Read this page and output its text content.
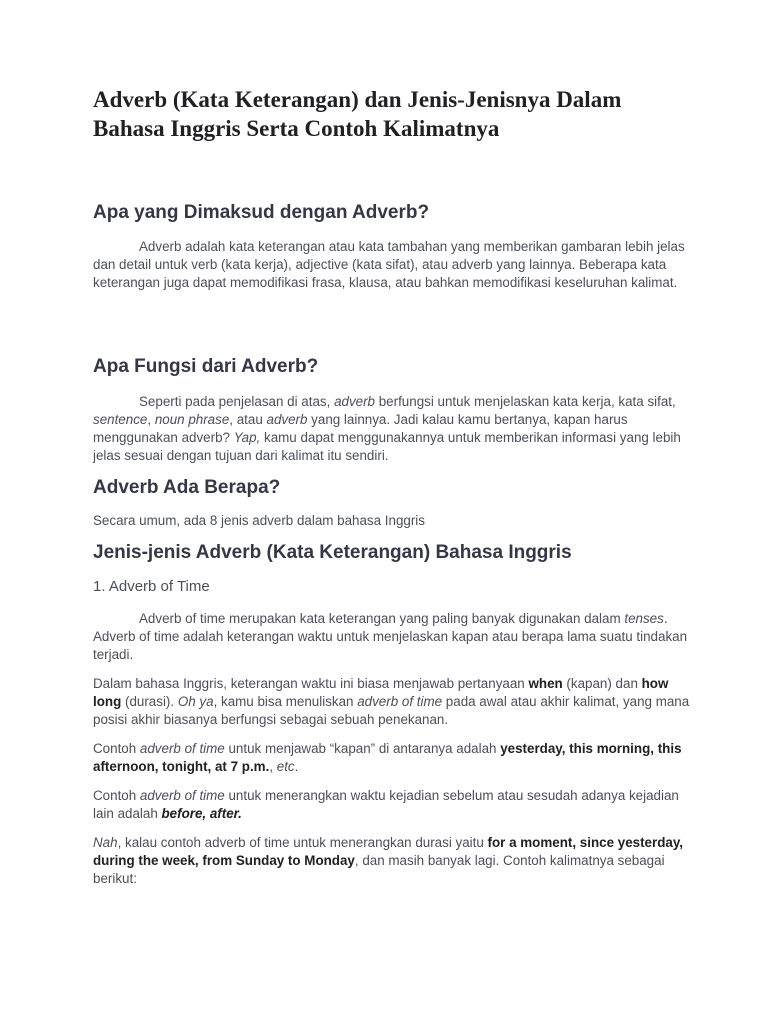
Adverb (Kata Keterangan) dan Jenis-Jenisnya Dalam Bahasa Inggris Serta Contoh Kalimatnya
Apa yang Dimaksud dengan Adverb?

Adverb adalah kata keterangan atau kata tambahan yang memberikan gambaran lebih jelas dan detail untuk verb (kata kerja), adjective (kata sifat), atau adverb yang lainnya. Beberapa kata keterangan juga dapat memodifikasi frasa, klausa, atau bahkan memodifikasi keseluruhan kalimat.

Apa Fungsi dari Adverb?

Seperti pada penjelasan di atas, adverb berfungsi untuk menjelaskan kata kerja, kata sifat, sentence, noun phrase, atau adverb yang lainnya. Jadi kalau kamu bertanya, kapan harus menggunakan adverb? Yap, kamu dapat menggunakannya untuk memberikan informasi yang lebih jelas sesuai dengan tujuan dari kalimat itu sendiri.

Adverb Ada Berapa?

Secara umum, ada 8 jenis adverb dalam bahasa Inggris

Jenis-jenis Adverb (Kata Keterangan) Bahasa Inggris

1. Adverb of Time

Adverb of time merupakan kata keterangan yang paling banyak digunakan dalam tenses. Adverb of time adalah keterangan waktu untuk menjelaskan kapan atau berapa lama suatu tindakan terjadi.

Dalam bahasa Inggris, keterangan waktu ini biasa menjawab pertanyaan when (kapan) dan how long (durasi). Oh ya, kamu bisa menuliskan adverb of time pada awal atau akhir kalimat, yang mana posisi akhir biasanya berfungsi sebagai sebuah penekanan.

Contoh adverb of time untuk menjawab “kapan” di antaranya adalah yesterday, this morning, this afternoon, tonight, at 7 p.m., etc.

Contoh adverb of time untuk menerangkan waktu kejadian sebelum atau sesudah adanya kejadian lain adalah before, after.

Nah, kalau contoh adverb of time untuk menerangkan durasi yaitu for a moment, since yesterday, during the week, from Sunday to Monday, dan masih banyak lagi. Contoh kalimatnya sebagai berikut:
